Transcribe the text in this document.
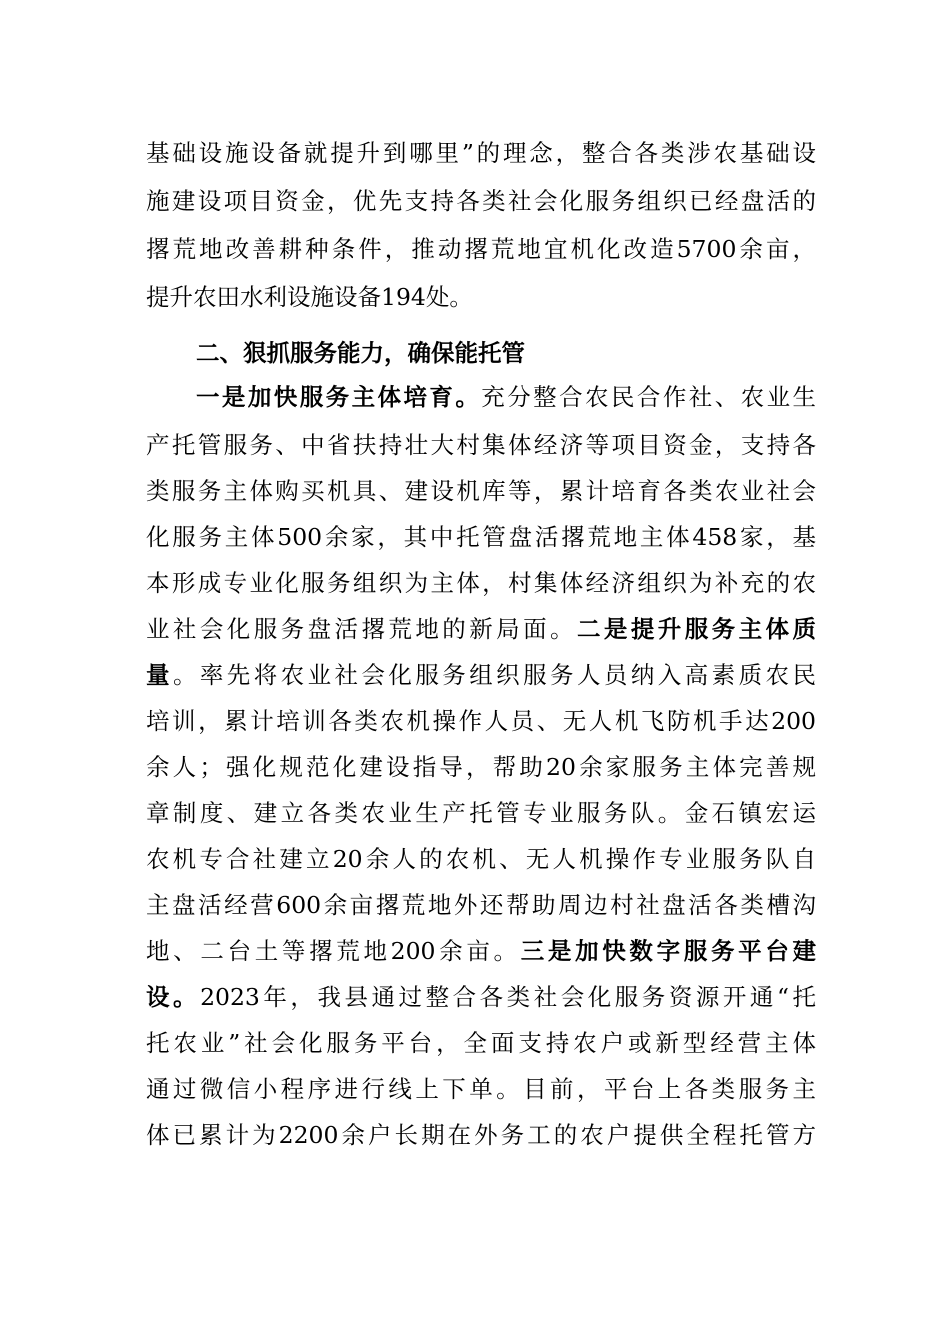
基础设施设备就提升到哪里”的理念，整合各类涉农基础设
施建设项目资金，优先支持各类社会化服务组织已经盘活的
撂荒地改善耕种条件，推动撂荒地宜机化改造5700余亩，
提升农田水利设施设备194处。
二、狠抓服务能力，确保能托管
一是加快服务主体培育。充分整合农民合作社、农业生
产托管服务、中省扶持壮大村集体经济等项目资金，支持各
类服务主体购买机具、建设机库等，累计培育各类农业社会
化服务主体500余家，其中托管盘活撂荒地主体458家，基
本形成专业化服务组织为主体，村集体经济组织为补充的农
业社会化服务盘活撂荒地的新局面。二是提升服务主体质
量。率先将农业社会化服务组织服务人员纳入高素质农民
培训，累计培训各类农机操作人员、无人机飞防机手达200
余人；强化规范化建设指导，帮助20余家服务主体完善规
章制度、建立各类农业生产托管专业服务队。金石镇宏运
农机专合社建立20余人的农机、无人机操作专业服务队自
主盘活经营600余亩撂荒地外还帮助周边村社盘活各类槽沟
地、二台土等撂荒地200余亩。三是加快数字服务平台建
设。2023年，我县通过整合各类社会化服务资源开通“托
托农业”社会化服务平台，全面支持农户或新型经营主体
通过微信小程序进行线上下单。目前，平台上各类服务主
体已累计为2200余户长期在外务工的农户提供全程托管方
